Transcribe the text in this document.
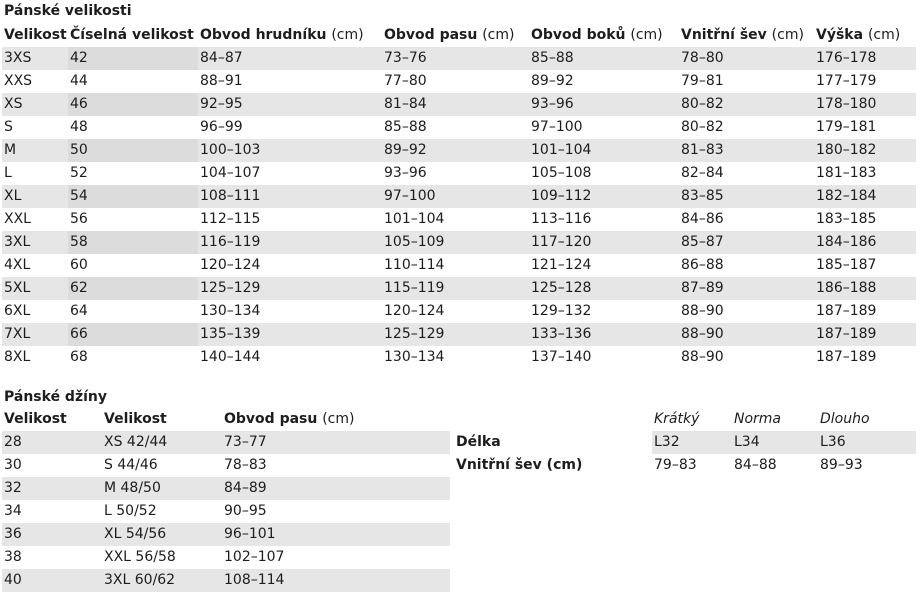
Pánské velikosti
Velikost	Číselná velikost	Obvod hrudníku (cm)	Obvod pasu (cm)	Obvod boků (cm)	Vnitřní šev (cm)	Výška (cm)
3XS	42	84–87	73–76	85–88	78–80	176–178
XXS	44	88–91	77–80	89–92	79–81	177–179
XS	46	92–95	81–84	93–96	80–82	178–180
S	48	96–99	85–88	97–100	80–82	179–181
M	50	100–103	89–92	101–104	81–83	180–182
L	52	104–107	93–96	105–108	82–84	181–183
XL	54	108–111	97–100	109–112	83–85	182–184
XXL	56	112–115	101–104	113–116	84–86	183–185
3XL	58	116–119	105–109	117–120	85–87	184–186
4XL	60	120–124	110–114	121–124	86–88	185–187
5XL	62	125–129	115–119	125–128	87–89	186–188
6XL	64	130–134	120–124	129–132	88–90	187–189
7XL	66	135–139	125–129	133–136	88–90	187–189
8XL	68	140–144	130–134	137–140	88–90	187–189
Pánské džíny
Velikost	Velikost	Obvod pasu (cm)
28	XS 42/44	73–77
30	S 44/46	78–83
32	M 48/50	84–89
34	L 50/52	90–95
36	XL 54/56	96–101
38	XXL 56/58	102–107
40	3XL 60/62	108–114
	Krátký	Norma	Dlouho
Délka	L32	L34	L36
Vnitřní šev (cm)	79–83	84–88	89–93
